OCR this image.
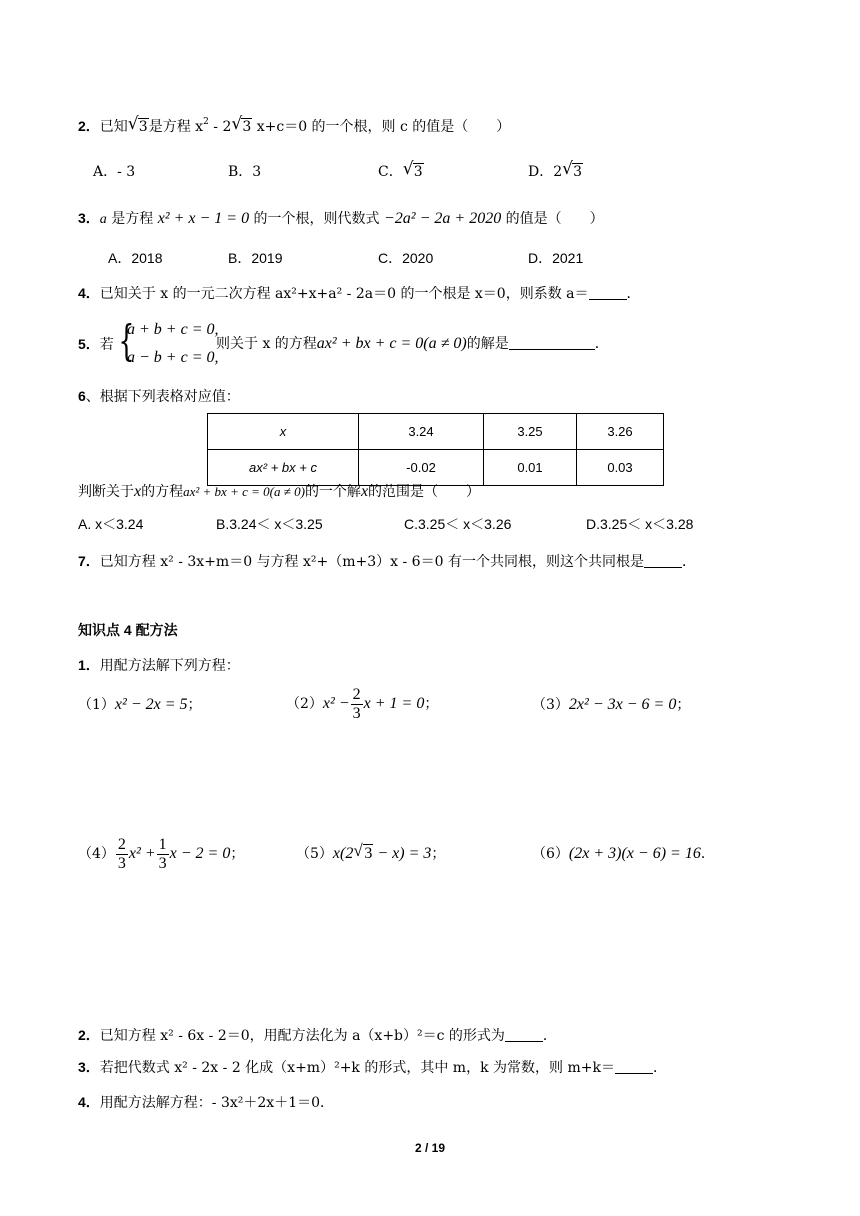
2．已知 √ 3是方程 $x^2 - 2$ √ 3 x+c＝0 的一个根，则 c 的值是（　　）
A．- 3	B．3	C． √ 3	D．2 √ 3
3．a 是方程 x² + x − 1 = 0 的一个根，则代数式 −2a² − 2a + 2020 的值是（　　）
A．2018	B．2019	C．2020	D．2021
4．已知关于 x 的一元二次方程 ax²+x+a² - 2a＝0 的一个根是 x＝0，则系数 a＝	．
5．若 {
a + b + c = 0,
a − b + c = 0,
则关于 x 的方程ax² + bx + c = 0(a ≠ 0)的解是	．
6、根据下列表格对应值：
x	3.24	3.25	3.26
ax² + bx + c	-0.02	0.01	0.03
判断关于x的方程ax² + bx + c = 0(a ≠ 0)的一个解x的范围是（　　）
A. x＜3.24	B.3.24＜ x＜3.25	C.3.25＜ x＜3.26	D.3.25＜ x＜3.28
7．已知方程 x² - 3x+m＝0 与方程 x²+（m+3）x - 6＝0 有一个共同根，则这个共同根是	．
知识点 4 配方法
1．用配方法解下列方程：
（1）x² − 2x = 5；	$(2)x^2 - \frac{2}{3}$ x + 1 = 0；	（3）2x² − 3x − 6 = 0；
$(4) \frac{2}{3} x^2 + \frac{1}{3}$ x − 2 = 0；	（5）x(2 √ 3 − x) = 3；	（6）(2x + 3)(x − 6) = 16．
2．已知方程 x² - 6x - 2＝0，用配方法化为 a（x+b）²＝c 的形式为	．
3．若把代数式 x² - 2x - 2 化成（x+m）²+k 的形式，其中 m，k 为常数，则 m+k＝	．
4．用配方法解方程：- 3x²＋2x＋1＝0．
2 / 19
